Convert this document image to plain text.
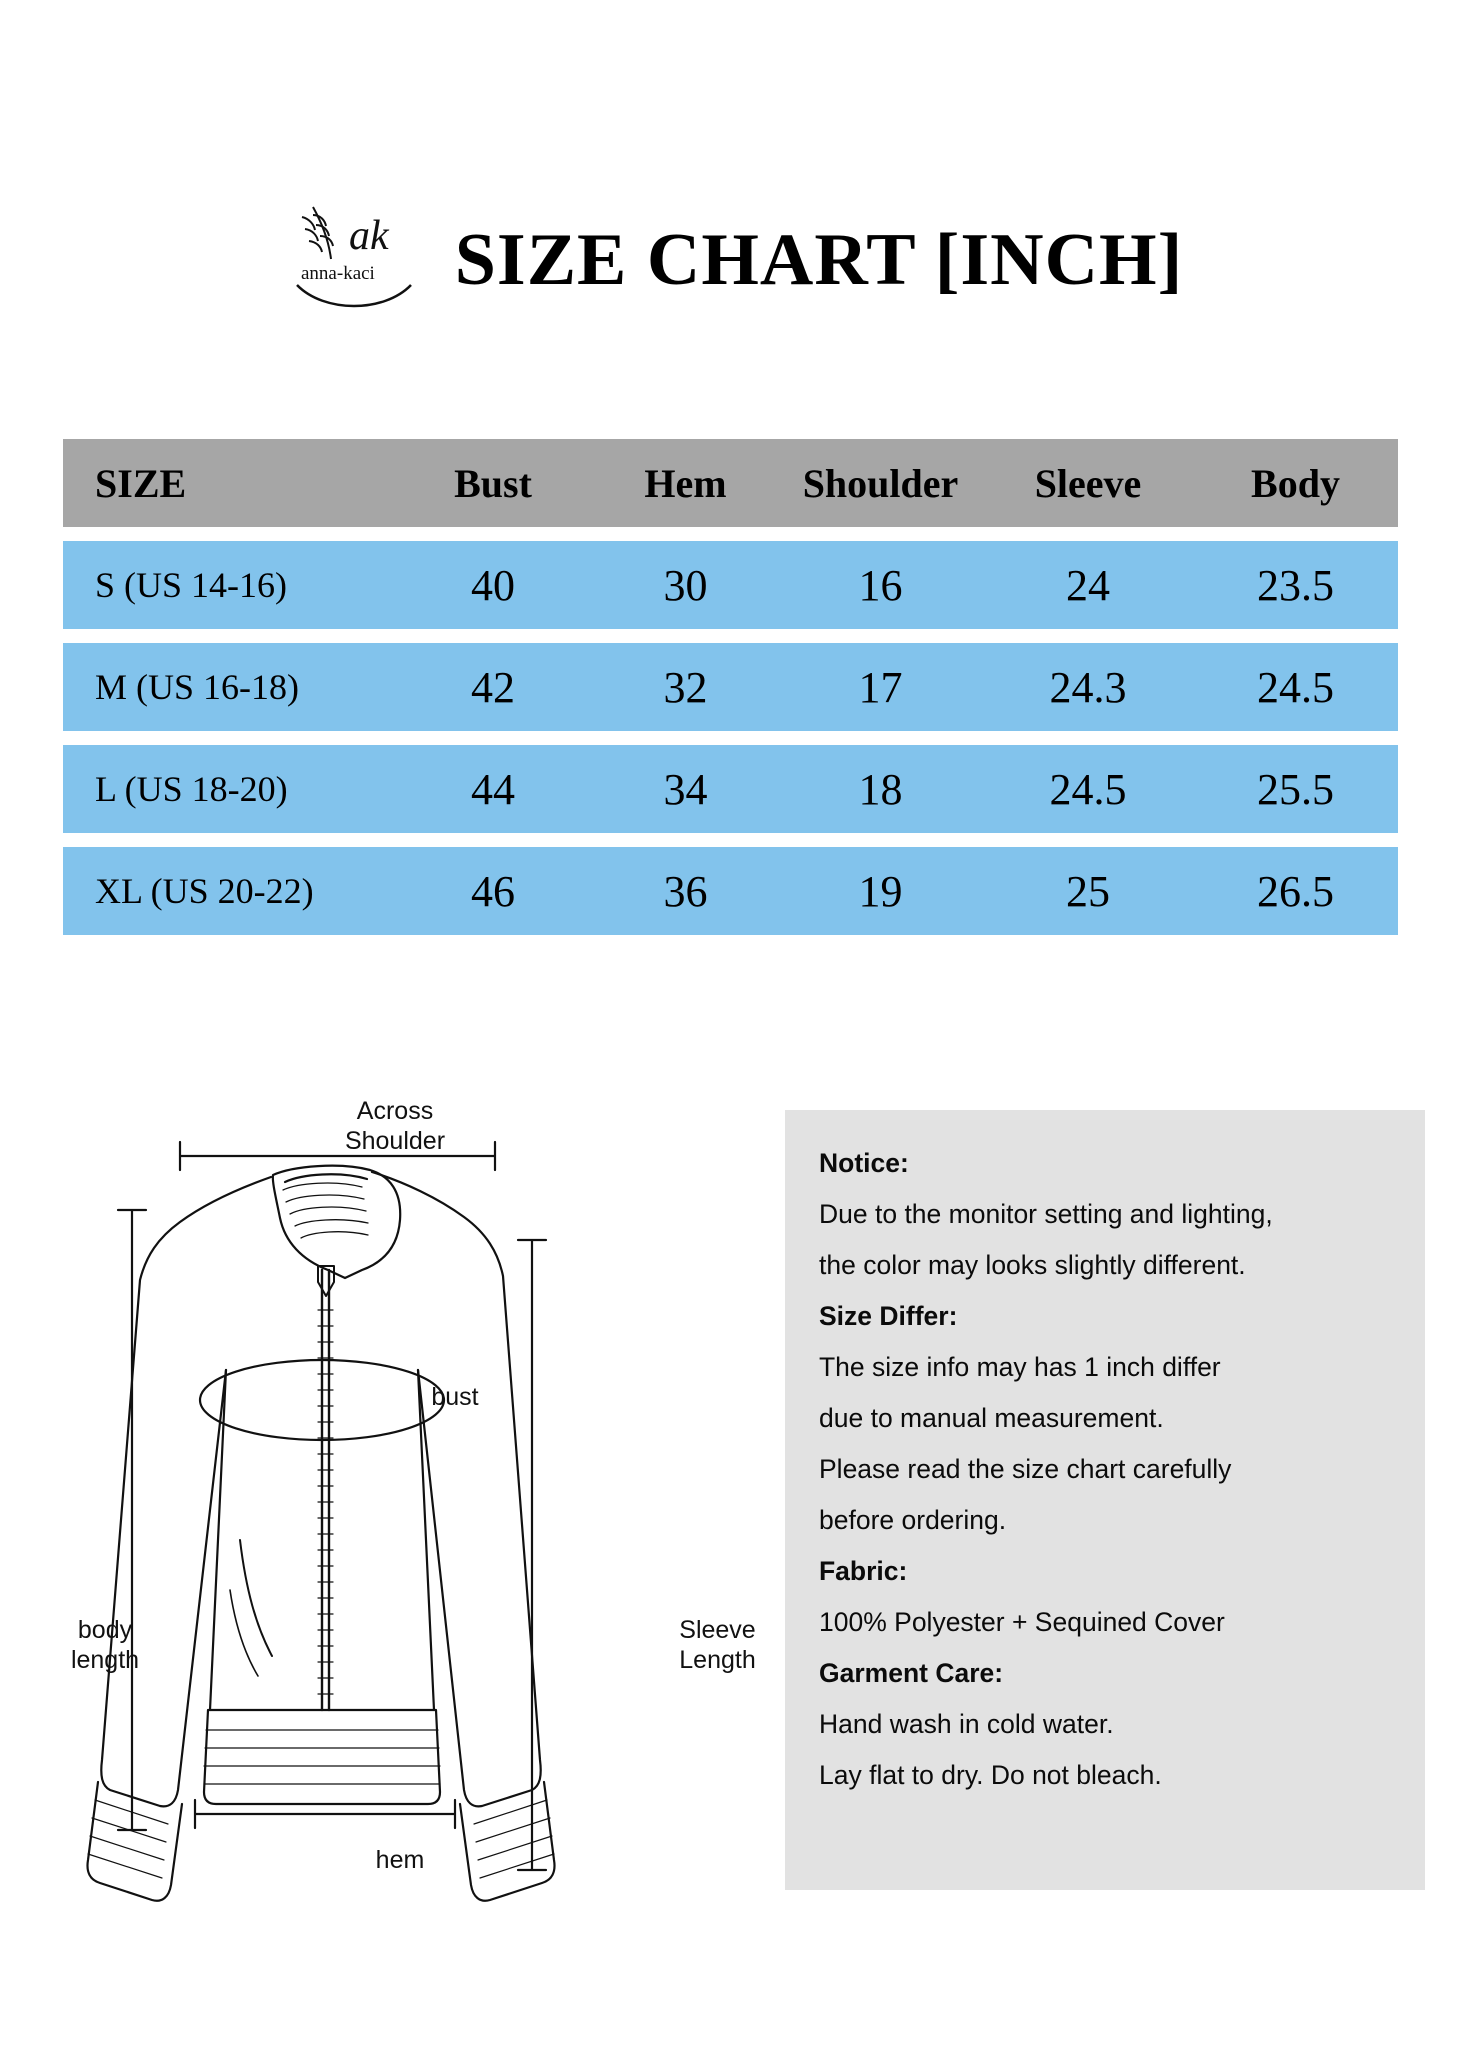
ak
anna-kaci SIZE CHART [INCH]
SIZE	Bust	Hem	Shoulder	Sleeve	Body
S (US 14-16)	40	30	16	24	23.5
M (US 16-18)	42	32	17	24.3	24.5
L (US 18-20)	44	34	18	24.5	25.5
XL (US 20-22)	46	36	19	25	26.5
Across
Shoulder
bust
hem
body
length
Sleeve
Length

Notice:

Due to the monitor setting and lighting,

the color may looks slightly different.

Size Differ:

The size info may has 1 inch differ

due to manual measurement.

Please read the size chart carefully

before ordering.

Fabric:

100% Polyester + Sequined Cover

Garment Care:

Hand wash in cold water.

Lay flat to dry. Do not bleach.
